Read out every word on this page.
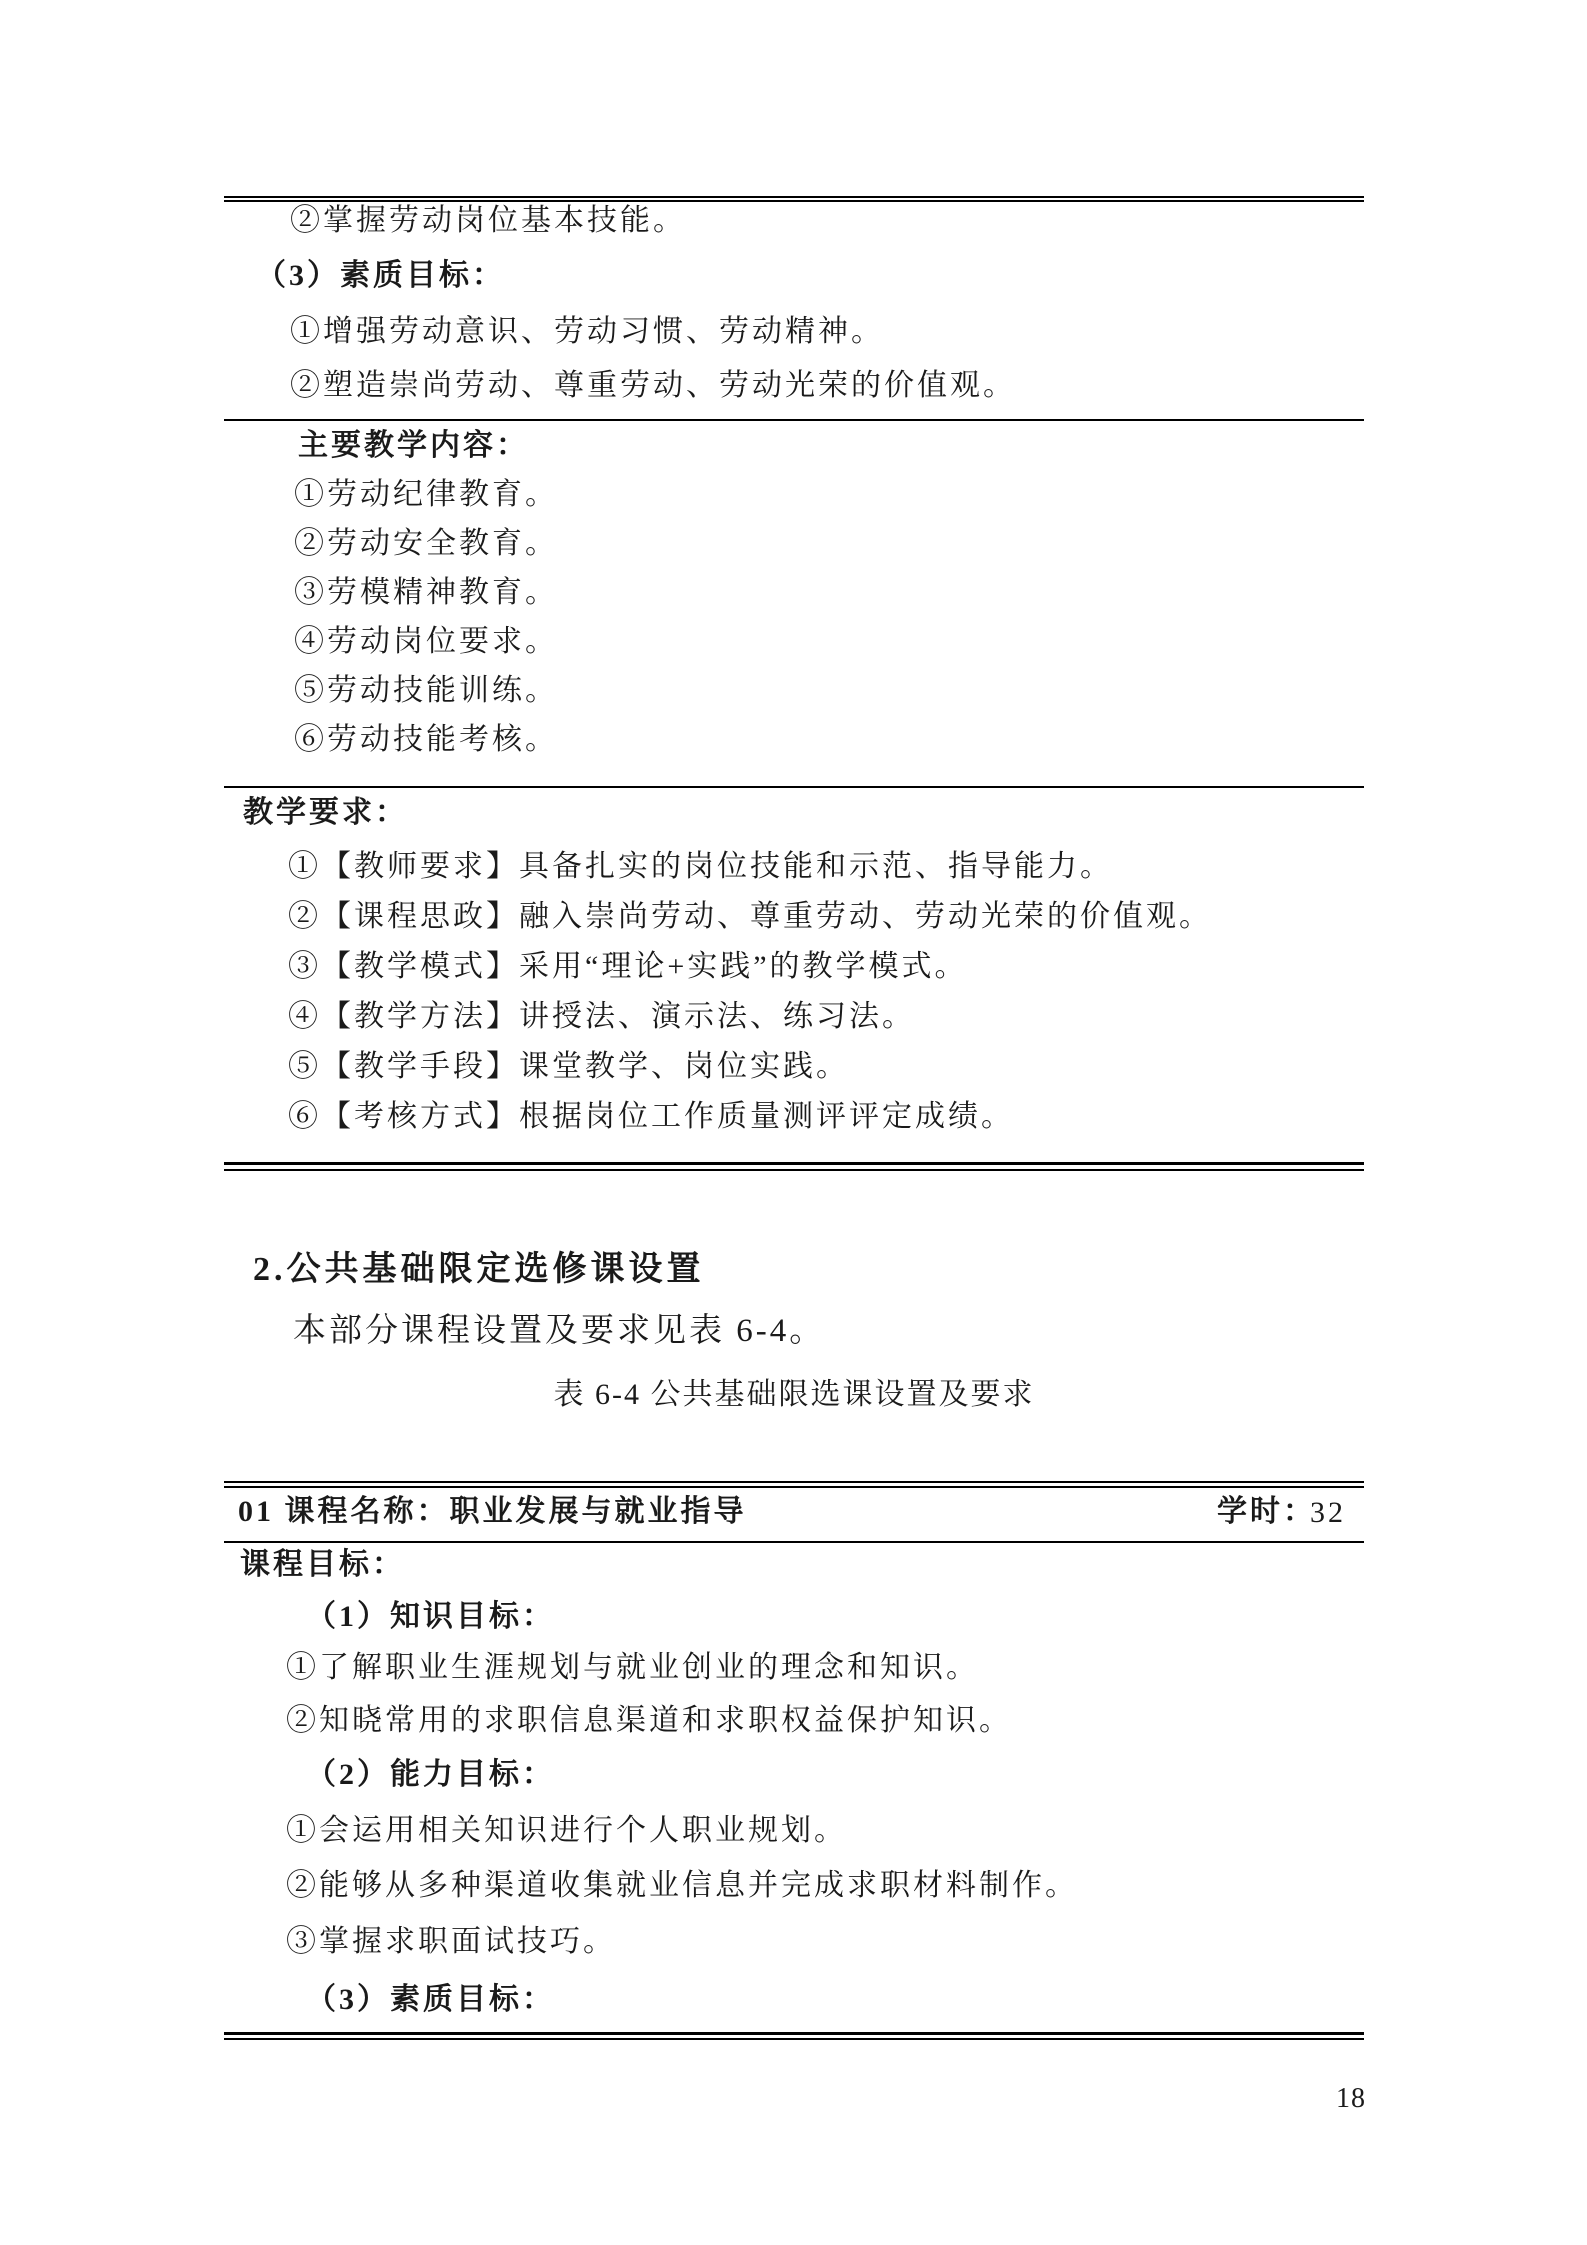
②掌握劳动岗位基本技能。
（3）素质目标：
①增强劳动意识、劳动习惯、劳动精神。
②塑造崇尚劳动、尊重劳动、劳动光荣的价值观。
主要教学内容：
①劳动纪律教育。
②劳动安全教育。
③劳模精神教育。
④劳动岗位要求。
⑤劳动技能训练。
⑥劳动技能考核。
教学要求：
①【教师要求】具备扎实的岗位技能和示范、指导能力。
②【课程思政】融入崇尚劳动、尊重劳动、劳动光荣的价值观。
③【教学模式】采用“理论+实践”的教学模式。
④【教学方法】讲授法、演示法、练习法。
⑤【教学手段】课堂教学、岗位实践。
⑥【考核方式】根据岗位工作质量测评评定成绩。
2.公共基础限定选修课设置
本部分课程设置及要求见表 6-4。
表 6-4 公共基础限选课设置及要求
01 课程名称：职业发展与就业指导	学时：
32
课程目标：
（1）知识目标：
①了解职业生涯规划与就业创业的理念和知识。
②知晓常用的求职信息渠道和求职权益保护知识。
（2）能力目标：
①会运用相关知识进行个人职业规划。
②能够从多种渠道收集就业信息并完成求职材料制作。
③掌握求职面试技巧。
（3）素质目标：
18
